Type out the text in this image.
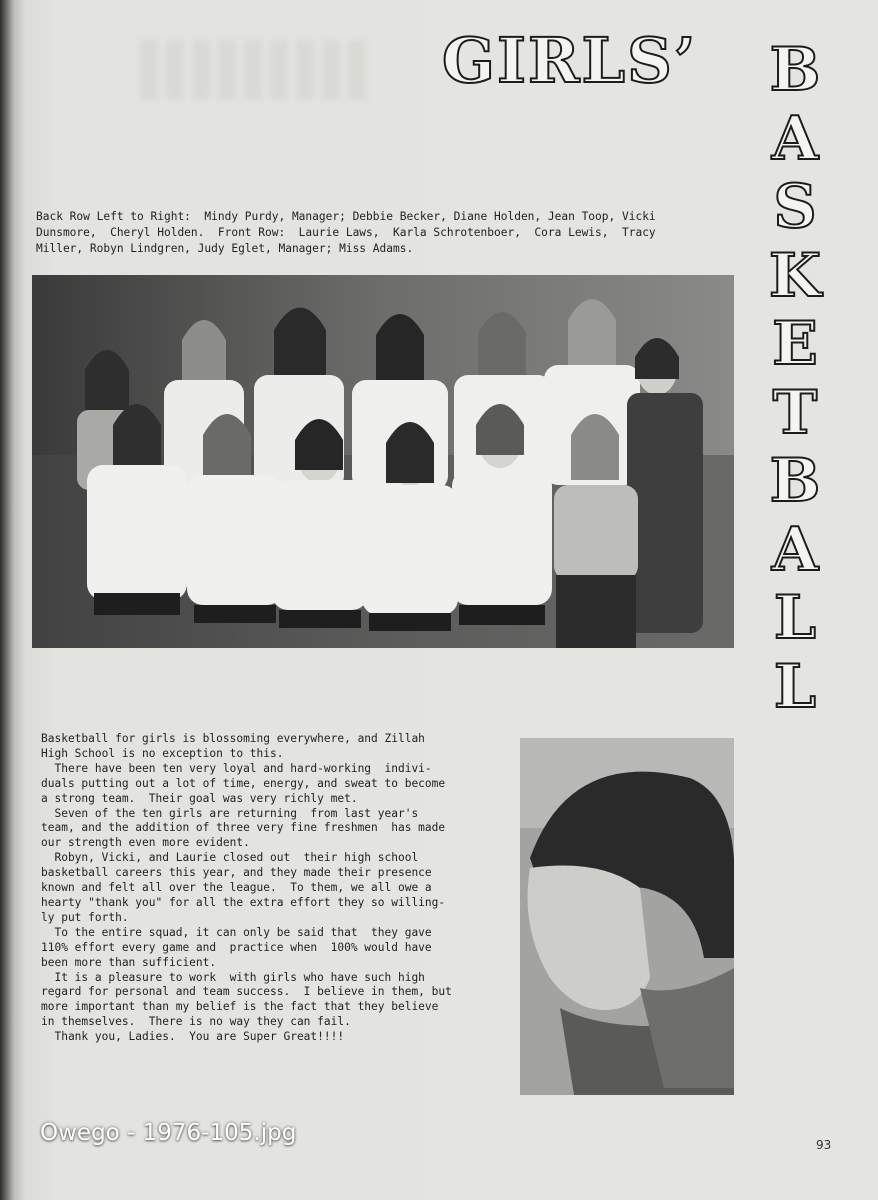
GIRLS’ B
A
S
K
E
T
B
A
L
L
Back Row Left to Right:  Mindy Purdy, Manager; Debbie Becker, Diane Holden, Jean Toop, Vicki
Dunsmore,  Cheryl Holden.  Front Row:  Laurie Laws,  Karla Schrotenboer,  Cora Lewis,  Tracy
Miller, Robyn Lindgren, Judy Eglet, Manager; Miss Adams.
Basketball for girls is blossoming everywhere, and Zillah
High School is no exception to this.
There have been ten very loyal and hard-working  indivi-
duals putting out a lot of time, energy, and sweat to become
a strong team.  Their goal was very richly met.
Seven of the ten girls are returning  from last year's
team, and the addition of three very fine freshmen  has made
our strength even more evident.
Robyn, Vicki, and Laurie closed out  their high school
basketball careers this year, and they made their presence
known and felt all over the league.  To them, we all owe a
hearty "thank you" for all the extra effort they so willing-
ly put forth.
To the entire squad, it can only be said that  they gave
110% effort every game and  practice when  100% would have
been more than sufficient.
It is a pleasure to work  with girls who have such high
regard for personal and team success.  I believe in them, but
more important than my belief is the fact that they believe
in themselves.  There is no way they can fail.
Thank you, Ladies.  You are Super Great!!!!
Owego - 1976-105.jpg	93
